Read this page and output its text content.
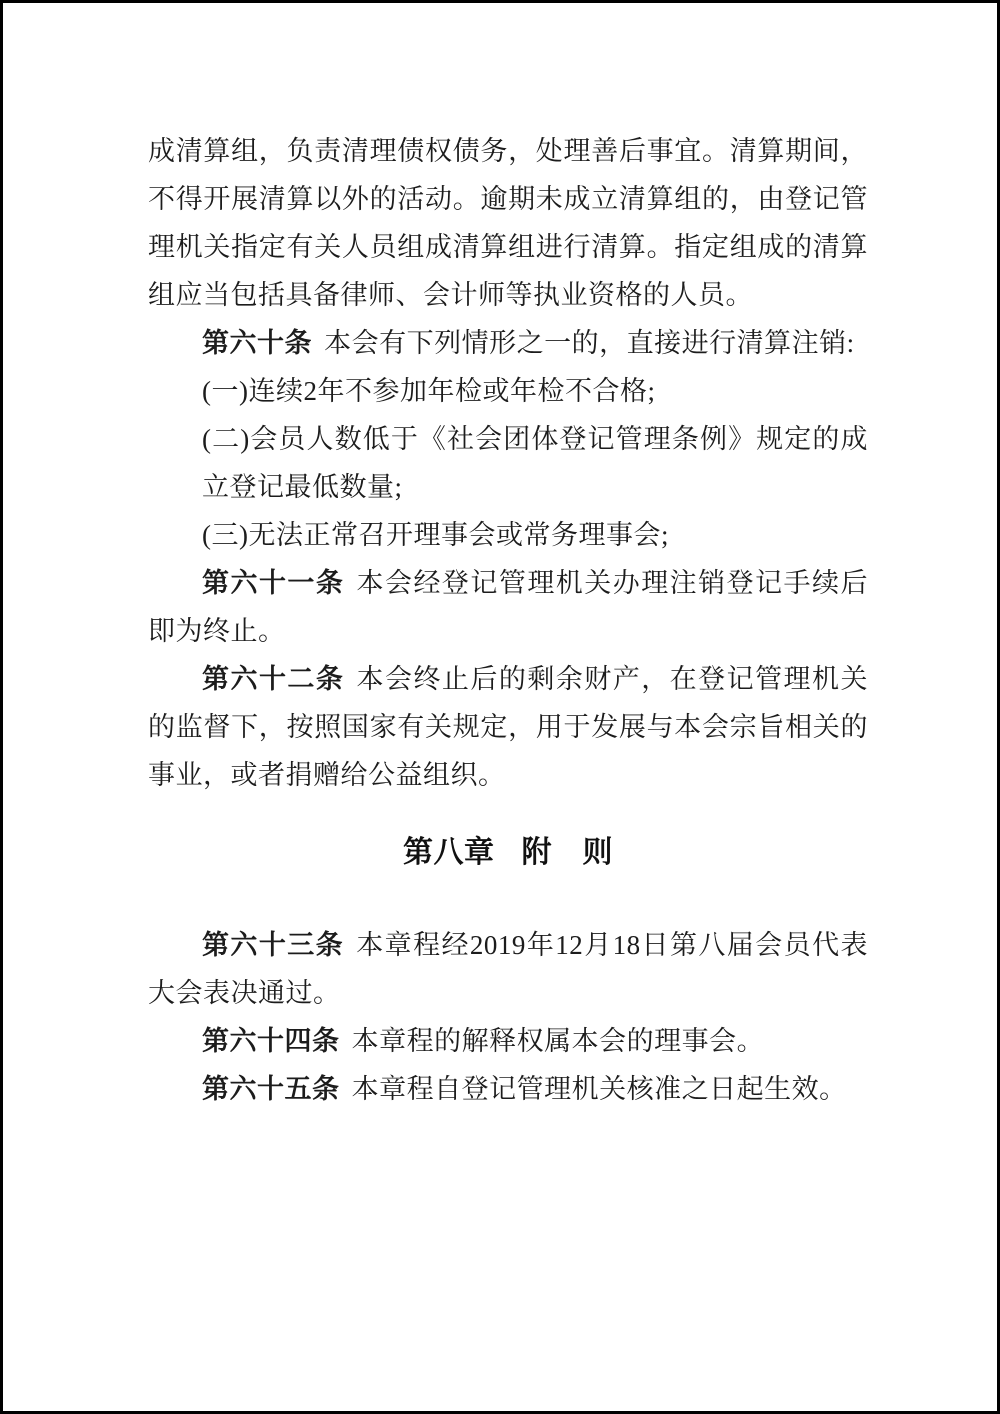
成清算组，负责清理债权债务，处理善后事宜。清算期间，不得开展清算以外的活动。逾期未成立清算组的，由登记管理机关指定有关人员组成清算组进行清算。指定组成的清算组应当包括具备律师、会计师等执业资格的人员。

第六十条 本会有下列情形之一的，直接进行清算注销:

(一)连续2年不参加年检或年检不合格;

(二)会员人数低于《社会团体登记管理条例》规定的成立登记最低数量;

(三)无法正常召开理事会或常务理事会;

第六十一条 本会经登记管理机关办理注销登记手续后即为终止。

第六十二条 本会终止后的剩余财产，在登记管理机关的监督下，按照国家有关规定，用于发展与本会宗旨相关的事业，或者捐赠给公益组织。

第八章 附　则

第六十三条 本章程经2019年12月18日第八届会员代表大会表决通过。

第六十四条 本章程的解释权属本会的理事会。

第六十五条 本章程自登记管理机关核准之日起生效。
